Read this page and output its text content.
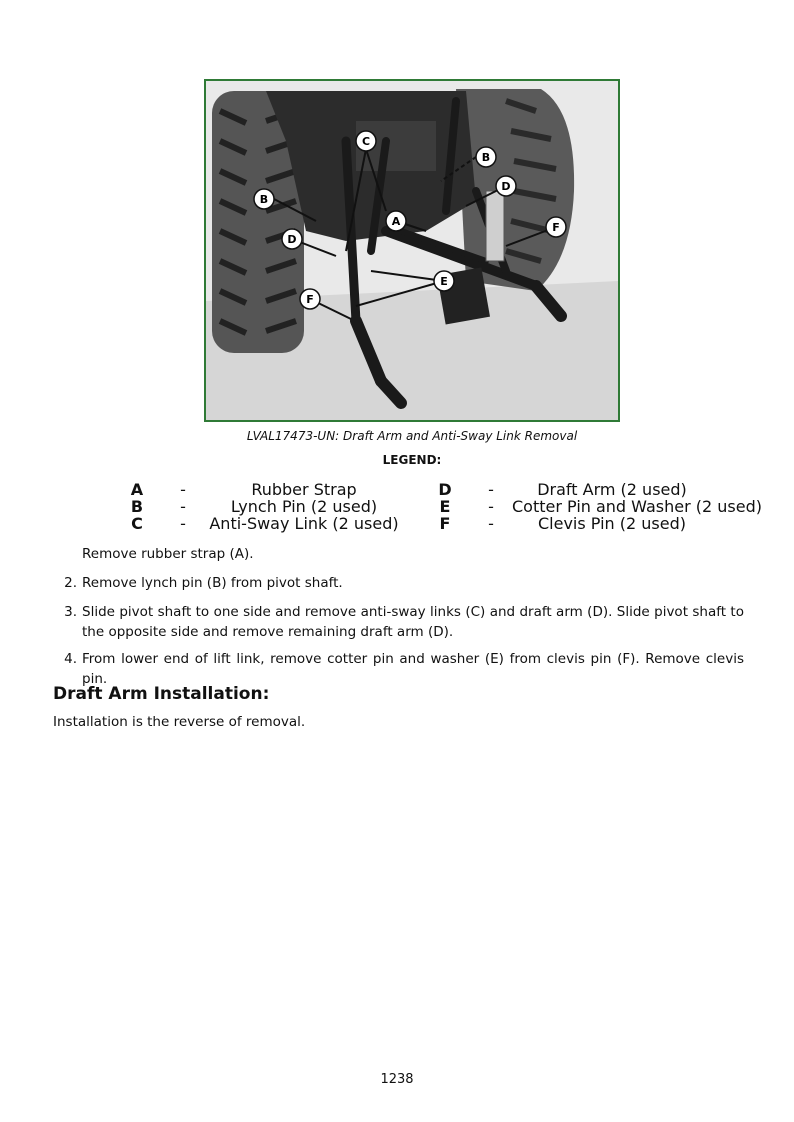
C
B
D
B
A	F
D
E
F
LVAL17473-UN: Draft Arm and Anti-Sway Link Removal
LEGEND:
A -	Rubber Strap
B -	Lynch Pin (2 used)
C -	Anti-Sway Link (2 used)
D -	Draft Arm (2 used)
E - Cotter Pin and Washer (2 used)
F -	Clevis Pin (2 used)
Remove rubber strap (A).
2. Remove lynch pin (B) from pivot shaft.
3. Slide pivot shaft to one side and remove anti-sway links (C) and draft arm (D). Slide pivot shaft to the opposite side and remove remaining draft arm (D).
4. From lower end of lift link, remove cotter pin and washer (E) from clevis pin (F). Remove clevis pin.
Draft Arm Installation:
Installation is the reverse of removal.
1238
